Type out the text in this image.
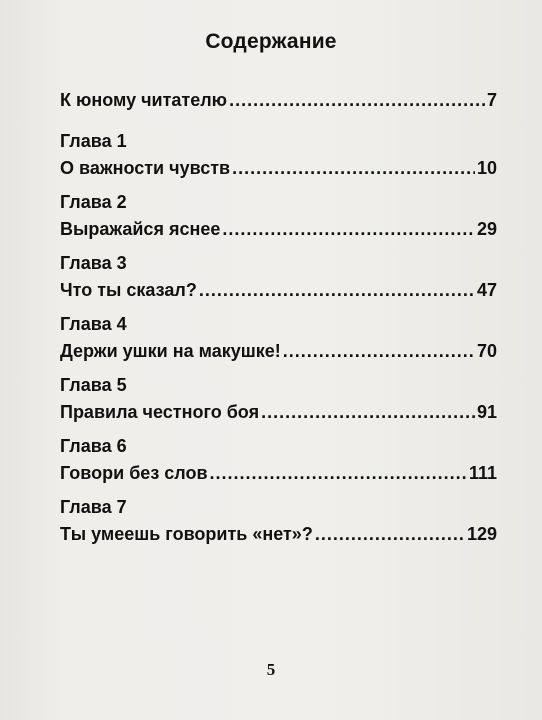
Содержание
К юному читателю .....	7
Глава 1
О важности чувств .....	10
Глава 2
Выражайся яснее .....	29
Глава 3
Что ты сказал? .....	47
Глава 4
Держи ушки на макушке! .....	70
Глава 5
Правила честного боя .....	91
Глава 6
Говори без слов .....	111
Глава 7
Ты умеешь говорить «нет»? .....	129
5
